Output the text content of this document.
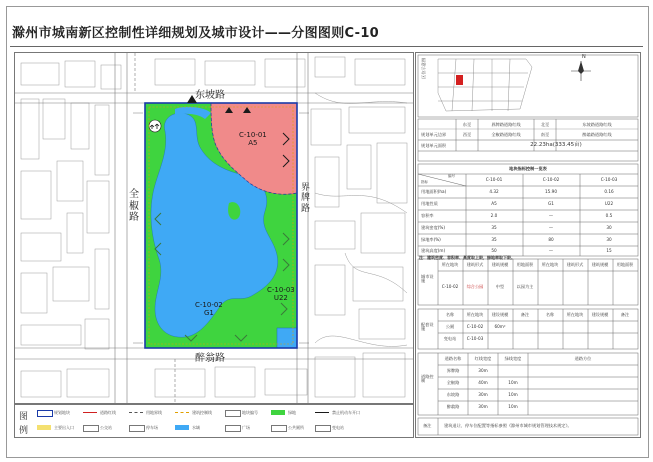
滁州市城南新区控制性详细规划及城市设计——分图图则C-10
东坡路
醉翁路
全
椒
路
界
牌
路
C-10-01
A5
C-10-02
G1
C-10-03
U22
图
例
规划地块	道路红线	用地界线	建筑控制线	地块编号	绿地	禁止机动车开口
主要出入口	公交站	停车场	水域	广场	公共厕所	变电站
区位示意图
N
规划单元边界
东至	界牌路道路红线	北至	东坡路道路红线
西至	全椒路道路红线	南至	醉翁路道路红线
规划单元面积	22.23ha(333.45亩)
地块指标控制一览表
编号
指标	C-10-01	C-10-02	C-10-03
用地面积(ha)	4.32	15.90	0.16
用地性质	A5	G1	U22
容积率	2.0	—	0.5
建筑密度(%)	35	—	30
绿地率(%)	35	80	30
建筑高度(m)	50	—	15
城市设施
所在地块 建筑形式 建筑规模 用地面积 所在地块 建筑形式 建筑规模 用地面积
C-10-02 综合公园	中型	以园为主
配套设施
名称	所在地块 建设规模	备注	名称	所在地块 建设规模	备注
公厕	C-10-02	60m²
变电站 C-10-03
道路控制
道路名称	红线宽度	绿线宽度	道路方位
界牌路	30m
全椒路	40m	10m
东坡路	30m	10m
醉翁路	30m	10m
备注	建筑退让、停车位配置等指标参照《滁州市城市规划管理技术规定》。
注：建筑密度、容积率、高度取上限，绿地率取下限。
